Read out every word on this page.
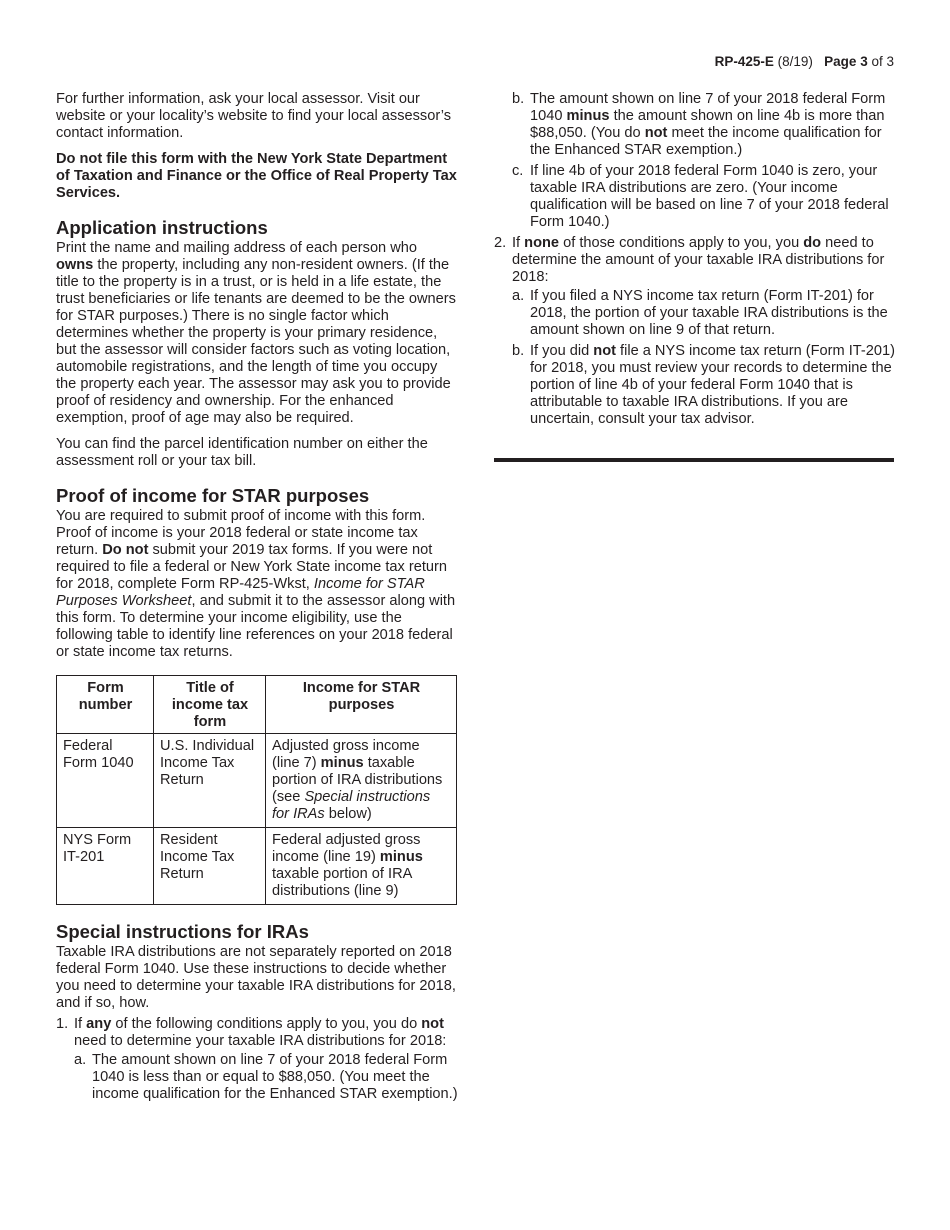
RP-425-E (8/19) Page 3 of 3

For further information, ask your local assessor. Visit our website or your locality’s website to find your local assessor’s contact information.

Do not file this form with the New York State Department of Taxation and Finance or the Office of Real Property Tax Services.

Application instructions

Print the name and mailing address of each person who owns the property, including any non-resident owners. (If the title to the property is in a trust, or is held in a life estate, the trust beneficiaries or life tenants are deemed to be the owners for STAR purposes.) There is no single factor which determines whether the property is your primary residence, but the assessor will consider factors such as voting location, automobile registrations, and the length of time you occupy the property each year. The assessor may ask you to provide proof of residency and ownership. For the enhanced exemption, proof of age may also be required.

You can find the parcel identification number on either the assessment roll or your tax bill.

Proof of income for STAR purposes

You are required to submit proof of income with this form. Proof of income is your 2018 federal or state income tax return. Do not submit your 2019 tax forms. If you were not required to file a federal or New York State income tax return for 2018, complete Form RP-425-Wkst, Income for STAR Purposes Worksheet, and submit it to the assessor along with this form. To determine your income eligibility, use the following table to identify line references on your 2018 federal or state income tax returns.

Form number	Title of income tax form	Income for STAR purposes
Federal Form 1040	U.S. Individual Income Tax Return	Adjusted gross income (line 7) minus taxable portion of IRA distributions (see Special instructions for IRAs below)
NYS Form IT-201	Resident Income Tax Return	Federal adjusted gross income (line 19) minus taxable portion of IRA distributions (line 9)
Special instructions for IRAs

Taxable IRA distributions are not separately reported on 2018 federal Form 1040. Use these instructions to decide whether you need to determine your taxable IRA distributions for 2018, and if so, how.

1. If any of the following conditions apply to you, you do not need to determine your taxable IRA distributions for 2018:
a. The amount shown on line 7 of your 2018 federal Form 1040 is less than or equal to $88,050. (You meet the income qualification for the Enhanced STAR exemption.)
b. The amount shown on line 7 of your 2018 federal Form 1040 minus the amount shown on line 4b is more than $88,050. (You do not meet the income qualification for the Enhanced STAR exemption.)
c. If line 4b of your 2018 federal Form 1040 is zero, your taxable IRA distributions are zero. (Your income qualification will be based on line 7 of your 2018 federal Form 1040.)
2. If none of those conditions apply to you, you do need to determine the amount of your taxable IRA distributions for 2018:
a. If you filed a NYS income tax return (Form IT-201) for 2018, the portion of your taxable IRA distributions is the amount shown on line 9 of that return.
b. If you did not file a NYS income tax return (Form IT-201) for 2018, you must review your records to determine the portion of line 4b of your federal Form 1040 that is attributable to taxable IRA distributions. If you are uncertain, consult your tax advisor.
